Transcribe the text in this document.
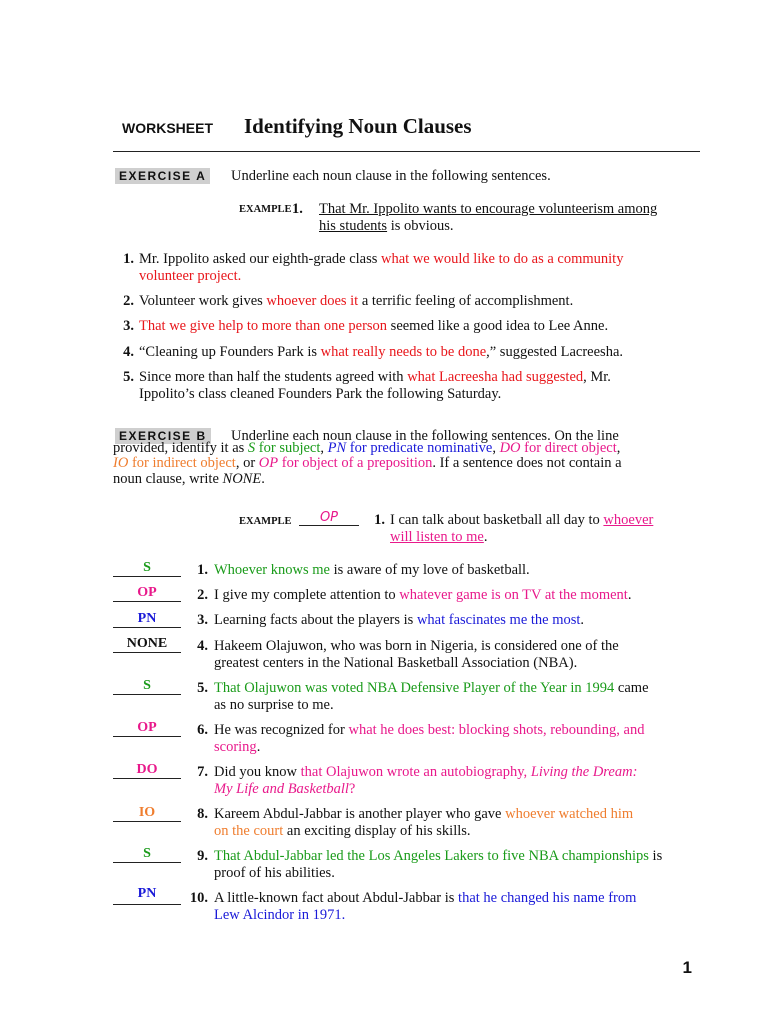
WORKSHEET Identifying Noun Clauses
EXERCISE A Underline each noun clause in the following sentences.
EXAMPLE 1.	That Mr. Ippolito wants to encourage volunteerism among
his students is obvious.
1. Mr. Ippolito asked our eighth-grade class what we would like to do as a community
volunteer project.
2. Volunteer work gives whoever does it a terrific feeling of accomplishment.
3. That we give help to more than one person seemed like a good idea to Lee Anne.
4. “Cleaning up Founders Park is what really needs to be done,” suggested Lacreesha.
5. Since more than half the students agreed with what Lacreesha had suggested, Mr.
Ippolito’s class cleaned Founders Park the following Saturday.
EXERCISE B Underline each noun clause in the following sentences. On the line
provided, identify it as S for subject, PN for predicate nominative, DO for direct object,
IO for indirect object, or OP for object of a preposition. If a sentence does not contain a
noun clause, write NONE.
EXAMPLE	OP	1. I can talk about basketball all day to whoever
will listen to me.
S	1. Whoever knows me is aware of my love of basketball.
OP	2. I give my complete attention to whatever game is on TV at the moment.
PN	3. Learning facts about the players is what fascinates me the most.
NONE	4. Hakeem Olajuwon, who was born in Nigeria, is considered one of the
greatest centers in the National Basketball Association (NBA).
S	5. That Olajuwon was voted NBA Defensive Player of the Year in 1994 came
as no surprise to me.
OP	6. He was recognized for what he does best: blocking shots, rebounding, and
scoring.
DO	7. Did you know that Olajuwon wrote an autobiography, Living the Dream:
My Life and Basketball?
IO	8. Kareem Abdul-Jabbar is another player who gave whoever watched him
on the court an exciting display of his skills.
S	9. That Abdul-Jabbar led the Los Angeles Lakers to five NBA championships is
proof of his abilities.
PN	10. A little-known fact about Abdul-Jabbar is that he changed his name from
Lew Alcindor in 1971.
1
